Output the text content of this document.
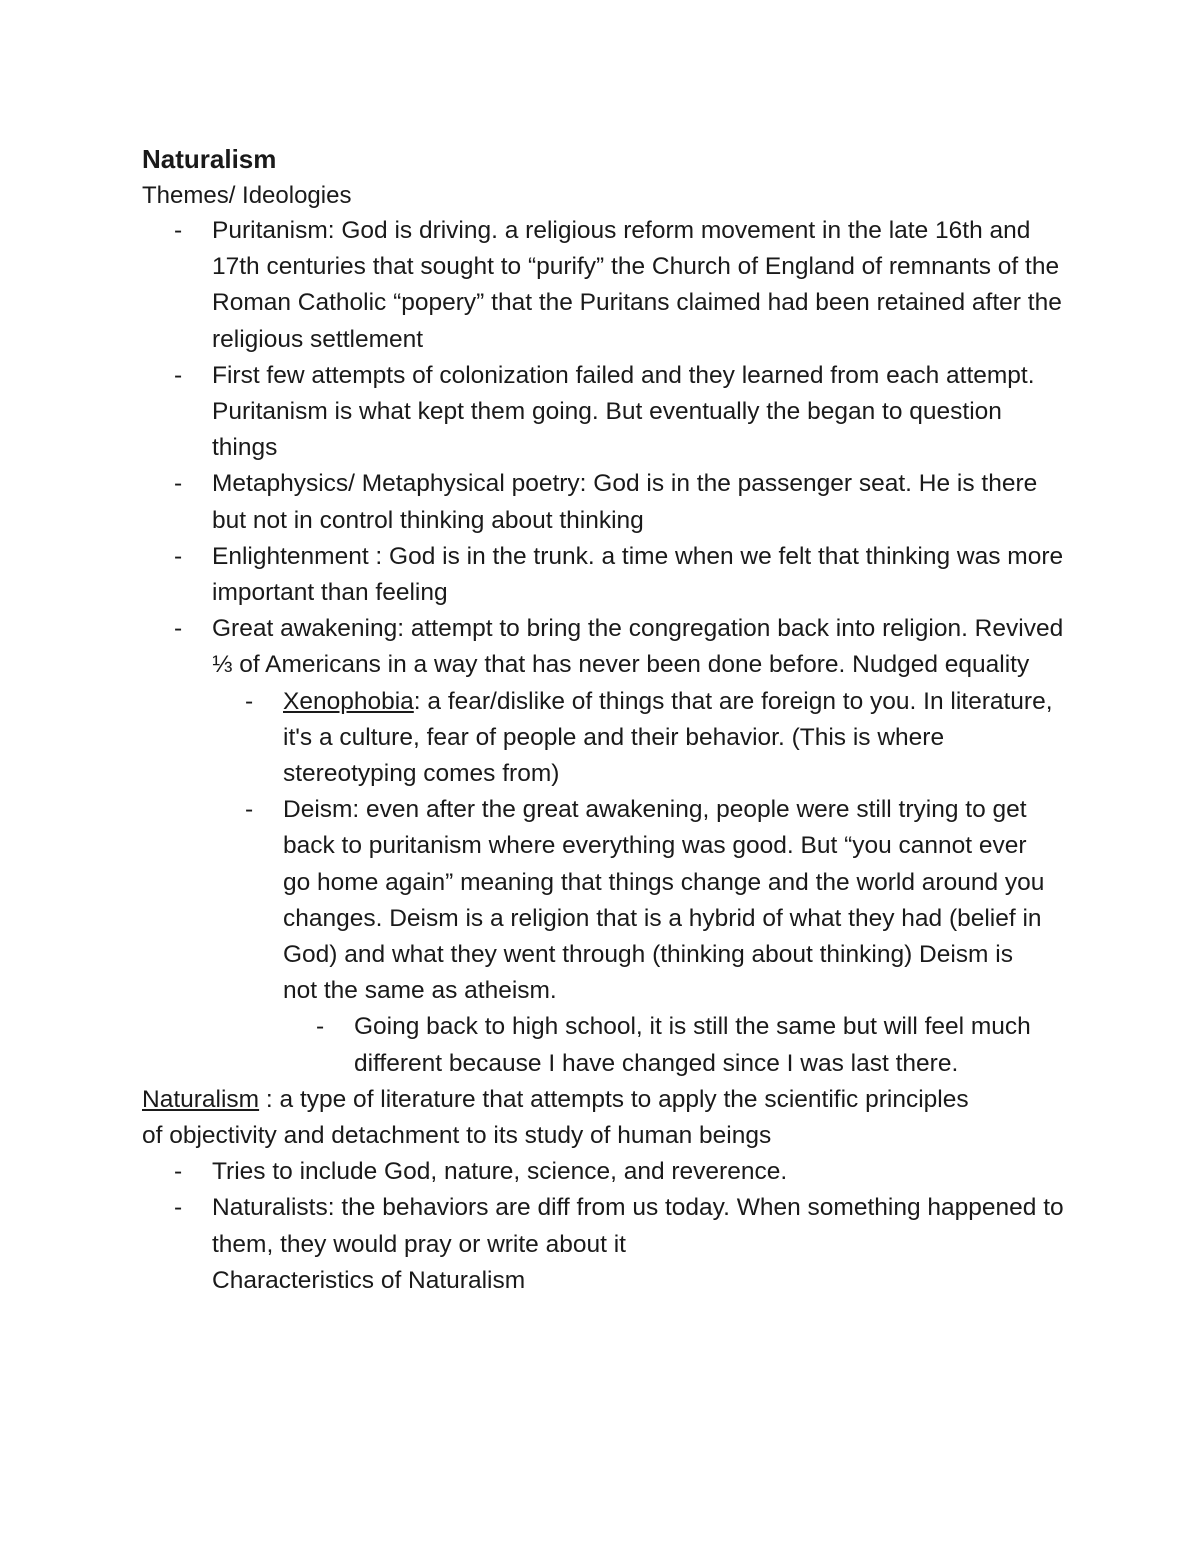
Naturalism
Themes/ Ideologies
- Puritanism: God is driving. a religious reform movement in the late 16th and 17th centuries that sought to “purify” the Church of England of remnants of the Roman Catholic “popery” that the Puritans claimed had been retained after the religious settlement
- First few attempts of colonization failed and they learned from each attempt. Puritanism is what kept them going. But eventually the began to question things
- Metaphysics/ Metaphysical poetry: God is in the passenger seat. He is there but not in control thinking about thinking
- Enlightenment : God is in the trunk. a time when we felt that thinking was more important than feeling
- Great awakening: attempt to bring the congregation back into religion. Revived ⅓ of Americans in a way that has never been done before. Nudged equality
- Xenophobia: a fear/dislike of things that are foreign to you. In literature, it's a culture, fear of people and their behavior. (This is where stereotyping comes from)
- Deism: even after the great awakening, people were still trying to get back to puritanism where everything was good. But “you cannot ever go home again” meaning that things change and the world around you changes. Deism is a religion that is a hybrid of what they had (belief in God) and what they went through (thinking about thinking) Deism is not the same as atheism.
- Going back to high school, it is still the same but will feel much different because I have changed since I was last there.
Naturalism : a type of literature that attempts to apply the scientific principles of objectivity and detachment to its study of human beings
- Tries to include God, nature, science, and reverence.
- Naturalists: the behaviors are diff from us today. When something happened to them, they would pray or write about it
Characteristics of Naturalism
